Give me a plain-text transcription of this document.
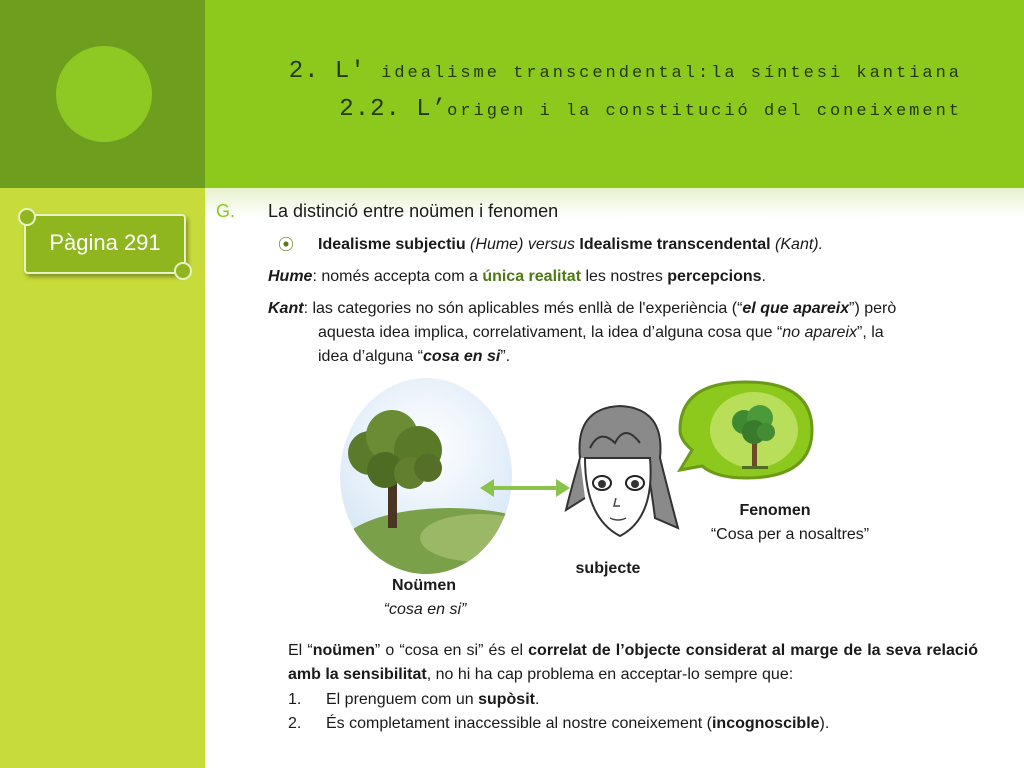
2. L' idealisme transcendental:la síntesi kantiana
2.2. L’origen i la constitució del coneixement
Pàgina 291
G. La distinció entre noümen i fenomen
⦿ Idealisme subjectiu (Hume) versus Idealisme transcendental (Kant).
Hume: només accepta com a única realitat les nostres percepcions.
Kant: las categories no són aplicables més enllà de l'experiència (“el que apareix”) però
aquesta idea implica, correlativament, la idea d’alguna cosa que “no apareix”, la
idea d’alguna “cosa en si”.
Fenomen
“Cosa per a nosaltres”
subjecte
Noümen
“cosa en si”
El “noümen” o “cosa en si” és el correlat de l’objecte considerat al marge de la seva relació amb la sensibilitat, no hi ha cap problema en acceptar-lo sempre que:
1. El prenguem com un supòsit.
2. És completament inaccessible al nostre coneixement (incognoscible).
